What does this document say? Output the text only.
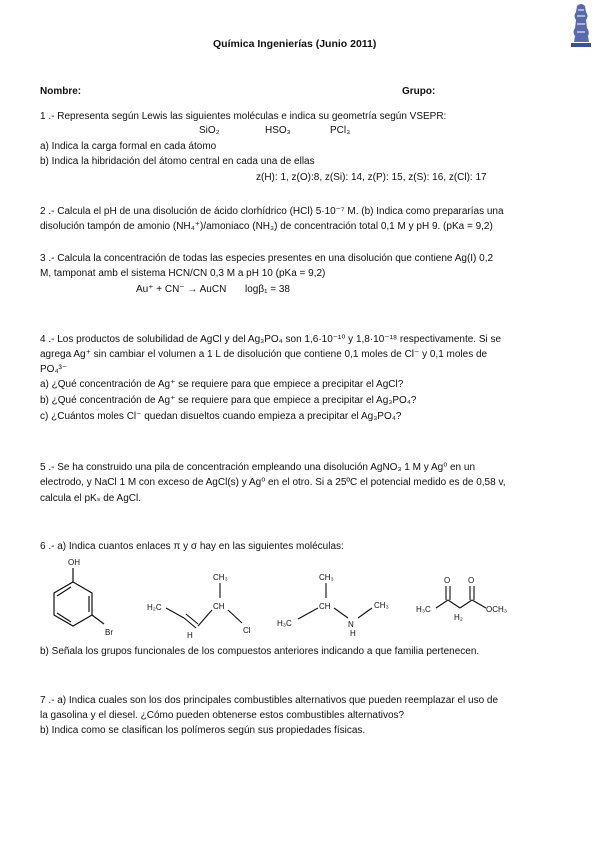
Química Ingenierías (Junio 2011)
Nombre:	Grupo:
1 .- Representa según Lewis las siguientes moléculas e indica su geometría según VSEPR:
SiO₂	HSO₃	PCl₃
a) Indica la carga formal en cada átomo
b) Indica la hibridación del átomo central en cada una de ellas
z(H): 1, z(O):8, z(Si): 14, z(P): 15, z(S): 16, z(Cl): 17
2 .- Calcula el pH de una disolución de ácido clorhídrico (HCl) 5·10⁻⁷ M. (b) Indica como prepararías una
disolución tampón de amonio (NH₄⁺)/amoniaco (NH₃) de concentración total 0,1 M y pH 9. (pKa = 9,2)
3 .- Calcula la concentración de todas las especies presentes en una disolución que contiene Ag(I) 0,2
M, tamponat amb el sistema HCN/CN 0,3 M a pH 10 (pKa = 9,2)
Au⁺ + CN⁻ → AuCN logβ₁ = 38
4 .- Los productos de solubilidad de AgCl y del Ag₃PO₄ son 1,6·10⁻¹⁰ y 1,8·10⁻¹⁸ respectivamente. Si se
agrega Ag⁺ sin cambiar el volumen a 1 L de disolución que contiene 0,1 moles de Cl⁻ y 0,1 moles de
PO₄³⁻
a) ¿Qué concentración de Ag⁺ se requiere para que empiece a precipitar el AgCl?
b) ¿Qué concentración de Ag⁺ se requiere para que empiece a precipitar el Ag₃PO₄?
c) ¿Cuántos moles Cl⁻ quedan disueltos cuando empieza a precipitar el Ag₃PO₄?
5 .- Se ha construido una pila de concentración empleando una disolución AgNO₃ 1 M y Ag⁰ en un
electrodo, y NaCl 1 M con exceso de AgCl(s) y Ag⁰ en el otro. Si a 25ºC el potencial medido es de 0,58 v,
calcula el pKₛ de AgCl.
6 .- a) Indica cuantos enlaces π y σ hay en las siguientes moléculas:
OH
Br
CH₃
H₂C	CH
H
Cl
CH₃
CH
H₃C	N
H
CH₃
O O
H₃C
H₂
OCH₃
b) Señala los grupos funcionales de los compuestos anteriores indicando a que familia pertenecen.
7 .- a) Indica cuales son los dos principales combustibles alternativos que pueden reemplazar el uso de
la gasolina y el diesel. ¿Cómo pueden obtenerse estos combustibles alternativos?
b) Indica como se clasifican los polímeros según sus propiedades físicas.
